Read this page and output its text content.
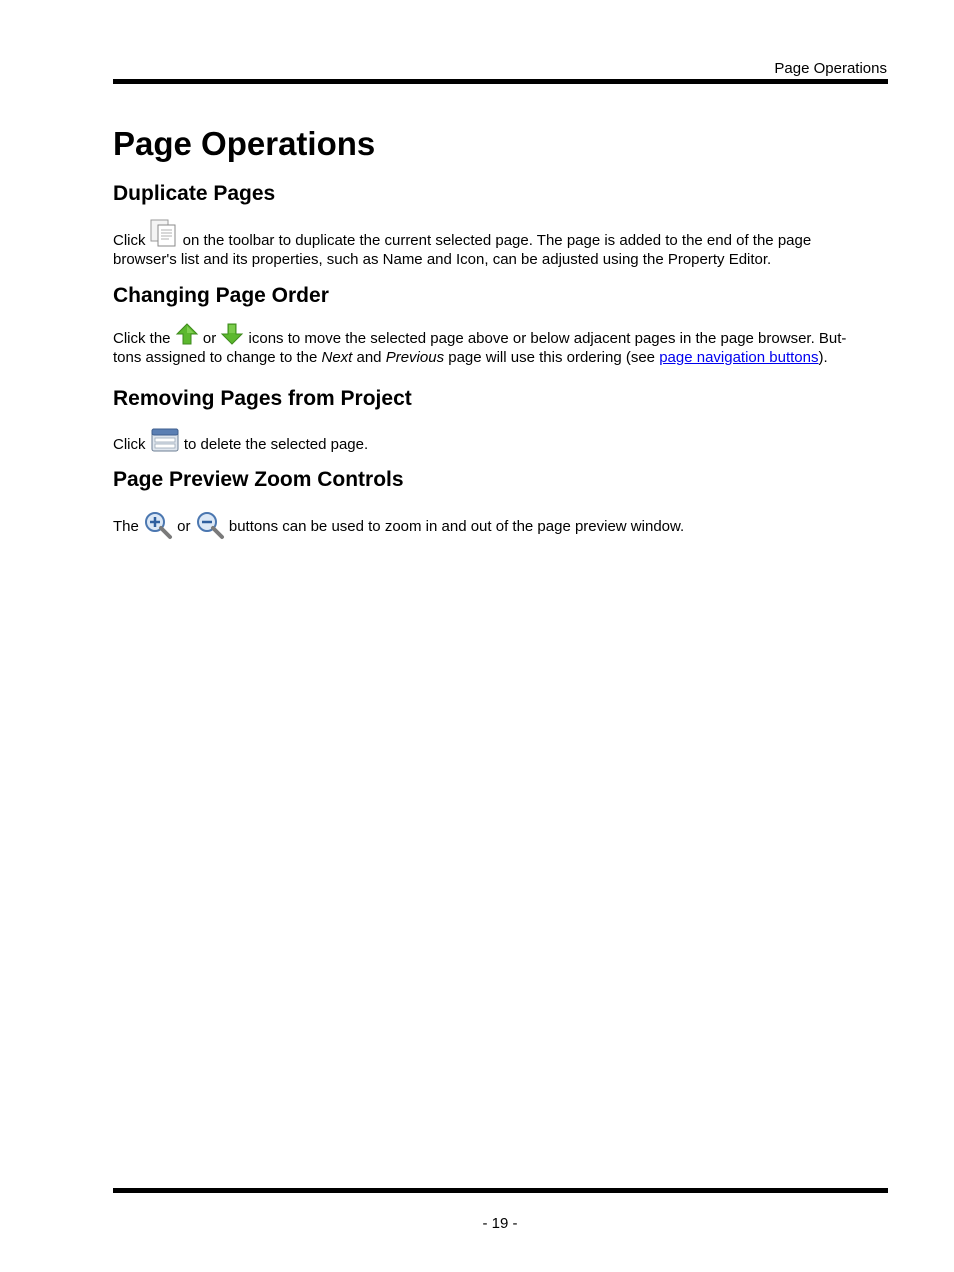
Page Operations
Page Operations
Duplicate Pages
Click
on the toolbar to duplicate the current selected page. The page is added to the end of the page
browser's list and its properties, such as Name and Icon, can be adjusted using the Property Editor.
Changing Page Order
Click the
or
icons to move the selected page above or below adjacent pages in the page browser. But-
tons assigned to change to the Next and Previous page will use this ordering (see page navigation buttons).
Removing Pages from Project
Click
to delete the selected page.
Page Preview Zoom Controls
The
or
buttons can be used to zoom in and out of the page preview window.
- 19 -
